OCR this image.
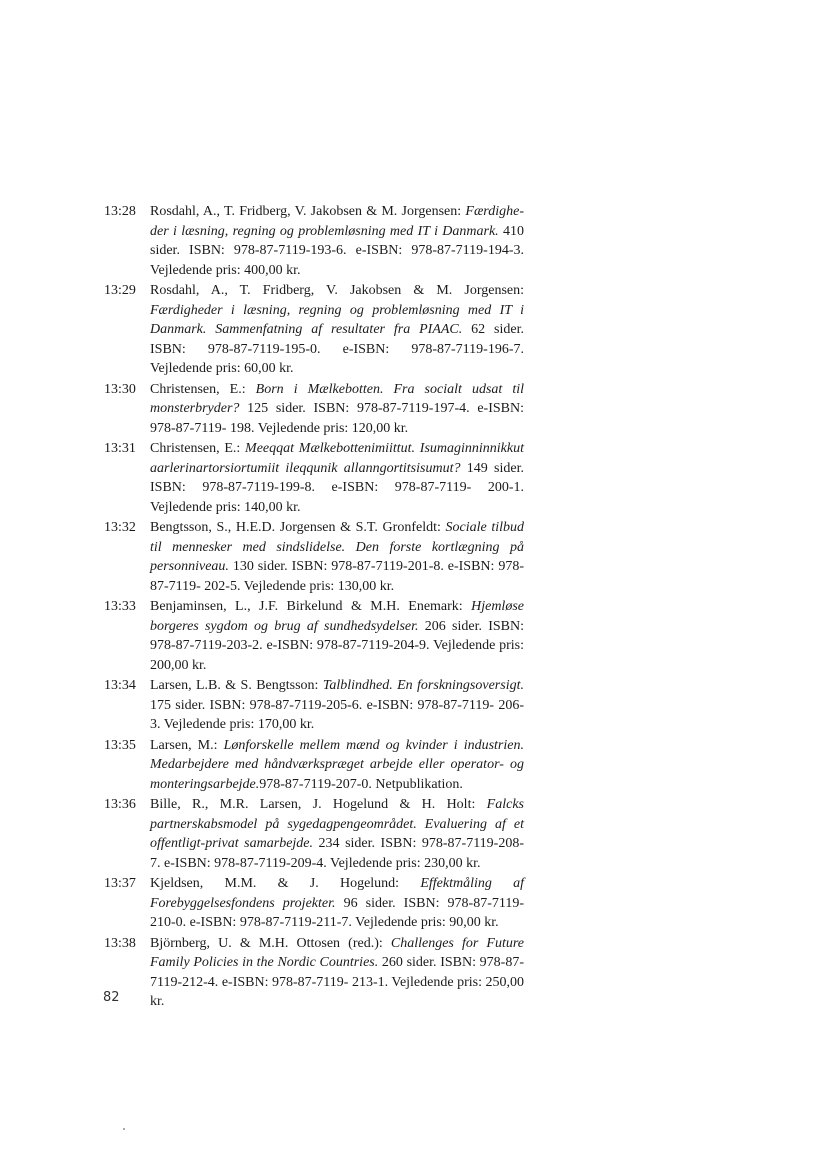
13:28	Rosdahl, A., T. Fridberg, V. Jakobsen & M. Jorgensen: Færdighe-der i læsning, regning og problemløsning med IT i Danmark. 410 sider. ISBN: 978-87-7119-193-6. e-ISBN: 978-87-7119-194-3. Vejledende pris: 400,00 kr.
13:29	Rosdahl, A., T. Fridberg, V. Jakobsen & M. Jorgensen: Færdigheder i læsning, regning og problemløsning med IT i Danmark. Sammenfatning af resultater fra PIAAC. 62 sider. ISBN: 978-87-7119-195-0. e-ISBN: 978-87-7119-196-7. Vejledende pris: 60,00 kr.
13:30	Christensen, E.: Born i Mælkebotten. Fra socialt udsat til monsterbryder? 125 sider. ISBN: 978-87-7119-197-4. e-ISBN: 978-87-7119- 198. Vejledende pris: 120,00 kr.
13:31	Christensen, E.: Meeqqat Mælkebottenimiittut. Isumaginninnikkut aarlerinartorsiortumiit ileqqunik allanngortitsisumut? 149 sider. ISBN: 978-87-7119-199-8. e-ISBN: 978-87-7119- 200-1. Vejledende pris: 140,00 kr.
13:32	Bengtsson, S., H.E.D. Jorgensen & S.T. Gronfeldt: Sociale tilbud til mennesker med sindslidelse. Den forste kortlægning på personniveau. 130 sider. ISBN: 978-87-7119-201-8. e-ISBN: 978-87-7119- 202-5. Vejledende pris: 130,00 kr.
13:33	Benjaminsen, L., J.F. Birkelund & M.H. Enemark: Hjemløse borgeres sygdom og brug af sundhedsydelser. 206 sider. ISBN: 978-87-7119-203-2. e-ISBN: 978-87-7119-204-9. Vejledende pris: 200,00 kr.
13:34	Larsen, L.B. & S. Bengtsson: Talblindhed. En forskningsoversigt. 175 sider. ISBN: 978-87-7119-205-6. e-ISBN: 978-87-7119- 206-3. Vejledende pris: 170,00 kr.
13:35	Larsen, M.: Lønforskelle mellem mænd og kvinder i industrien. Medarbejdere med håndværkspræget arbejde eller operator- og monteringsarbejde.978-87-7119-207-0. Netpublikation.
13:36	Bille, R., M.R. Larsen, J. Hogelund & H. Holt: Falcks partnerskabsmodel på sygedagpengeområdet. Evaluering af et offentligt-privat samarbejde. 234 sider. ISBN: 978-87-7119-208-7. e-ISBN: 978-87-7119-209-4. Vejledende pris: 230,00 kr.
13:37	Kjeldsen, M.M. & J. Hogelund: Effektmåling af Forebyggelsesfondens projekter. 96 sider. ISBN: 978-87-7119-210-0. e-ISBN: 978-87-7119-211-7. Vejledende pris: 90,00 kr.
13:38	Björnberg, U. & M.H. Ottosen (red.): Challenges for Future Family Policies in the Nordic Countries. 260 sider. ISBN: 978-87-7119-212-4. e-ISBN: 978-87-7119- 213-1. Vejledende pris: 250,00 kr.
82
